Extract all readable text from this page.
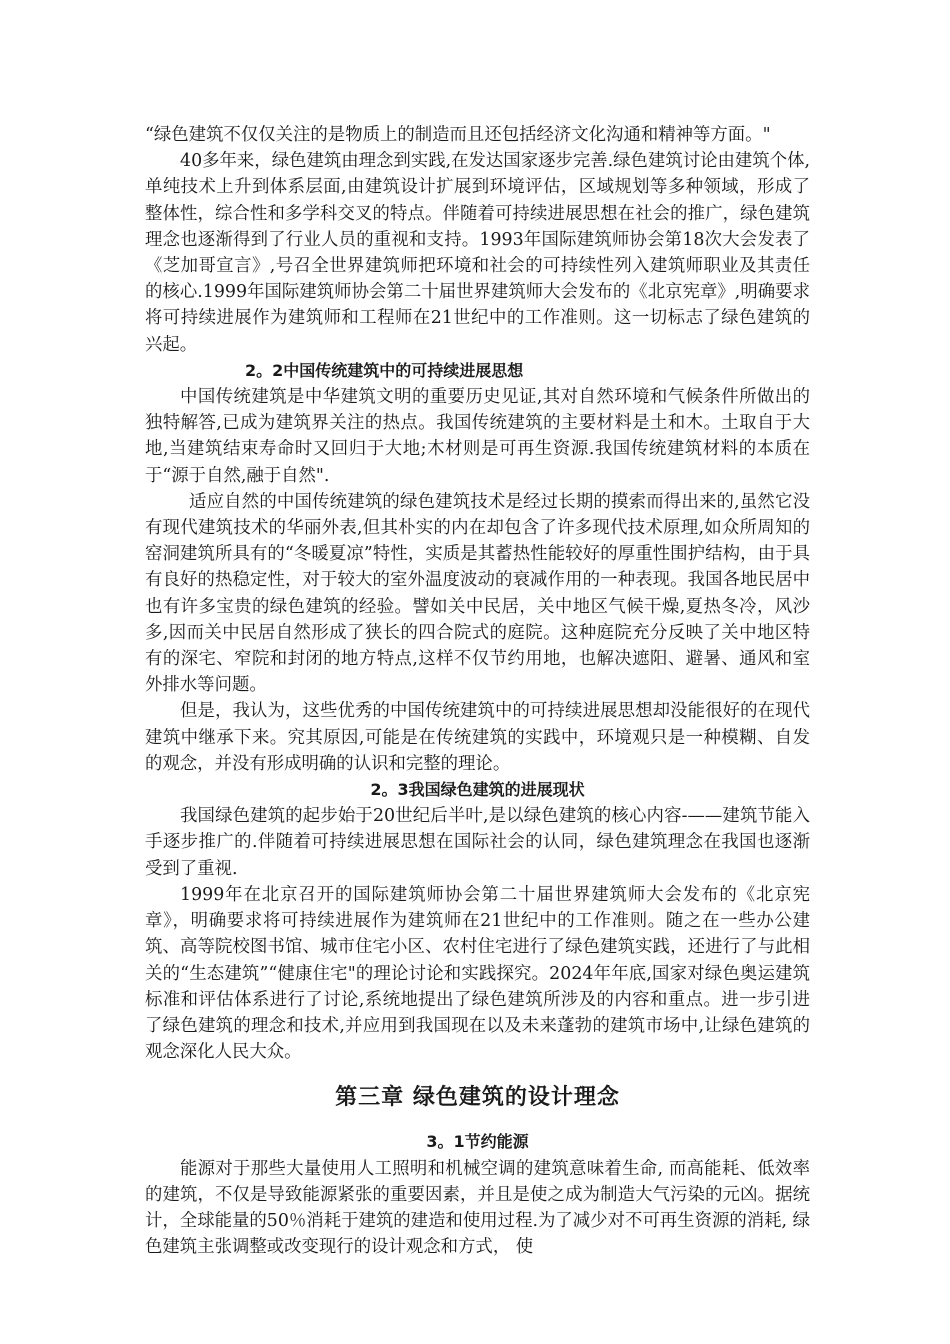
“绿色建筑不仅仅关注的是物质上的制造而且还包括经济文化沟通和精神等方面。"

40多年来，绿色建筑由理念到实践,在发达国家逐步完善.绿色建筑讨论由建筑个体,单纯技术上升到体系层面,由建筑设计扩展到环境评估，区域规划等多种领域，形成了整体性，综合性和多学科交叉的特点。伴随着可持续进展思想在社会的推广，绿色建筑理念也逐渐得到了行业人员的重视和支持。1993年国际建筑师协会第18次大会发表了《芝加哥宣言》,号召全世界建筑师把环境和社会的可持续性列入建筑师职业及其责任的核心.1999年国际建筑师协会第二十届世界建筑师大会发布的《北京宪章》,明确要求将可持续进展作为建筑师和工程师在21世纪中的工作准则。这一切标志了绿色建筑的兴起。

2。2中国传统建筑中的可持续进展思想

中国传统建筑是中华建筑文明的重要历史见证,其对自然环境和气候条件所做出的独特解答,已成为建筑界关注的热点。我国传统建筑的主要材料是土和木。土取自于大地,当建筑结束寿命时又回归于大地;木材则是可再生资源.我国传统建筑材料的本质在于“源于自然,融于自然".

适应自然的中国传统建筑的绿色建筑技术是经过长期的摸索而得出来的,虽然它没有现代建筑技术的华丽外表,但其朴实的内在却包含了许多现代技术原理,如众所周知的窑洞建筑所具有的“冬暖夏凉”特性，实质是其蓄热性能较好的厚重性围护结构，由于具有良好的热稳定性，对于较大的室外温度波动的衰减作用的一种表现。我国各地民居中也有许多宝贵的绿色建筑的经验。譬如关中民居，关中地区气候干燥,夏热冬冷，风沙多,因而关中民居自然形成了狭长的四合院式的庭院。这种庭院充分反映了关中地区特有的深宅、窄院和封闭的地方特点,这样不仅节约用地，也解决遮阳、避暑、通风和室外排水等问题。

但是，我认为，这些优秀的中国传统建筑中的可持续进展思想却没能很好的在现代建筑中继承下来。究其原因,可能是在传统建筑的实践中，环境观只是一种模糊、自发的观念，并没有形成明确的认识和完整的理论。

2。3我国绿色建筑的进展现状

我国绿色建筑的起步始于20世纪后半叶,是以绿色建筑的核心内容-——建筑节能入手逐步推广的.伴随着可持续进展思想在国际社会的认同，绿色建筑理念在我国也逐渐受到了重视.

1999年在北京召开的国际建筑师协会第二十届世界建筑师大会发布的《北京宪章》，明确要求将可持续进展作为建筑师在21世纪中的工作准则。随之在一些办公建筑、高等院校图书馆、城市住宅小区、农村住宅进行了绿色建筑实践，还进行了与此相关的“生态建筑”“健康住宅"的理论讨论和实践探究。2024年年底,国家对绿色奥运建筑标准和评估体系进行了讨论,系统地提出了绿色建筑所涉及的内容和重点。进一步引进了绿色建筑的理念和技术,并应用到我国现在以及未来蓬勃的建筑市场中,让绿色建筑的观念深化人民大众。

第三章 绿色建筑的设计理念
3。1节约能源

能源对于那些大量使用人工照明和机械空调的建筑意味着生命, 而高能耗、低效率的建筑，不仅是导致能源紧张的重要因素，并且是使之成为制造大气污染的元凶。据统计，全球能量的50％消耗于建筑的建造和使用过程.为了减少对不可再生资源的消耗, 绿色建筑主张调整或改变现行的设计观念和方式， 使
